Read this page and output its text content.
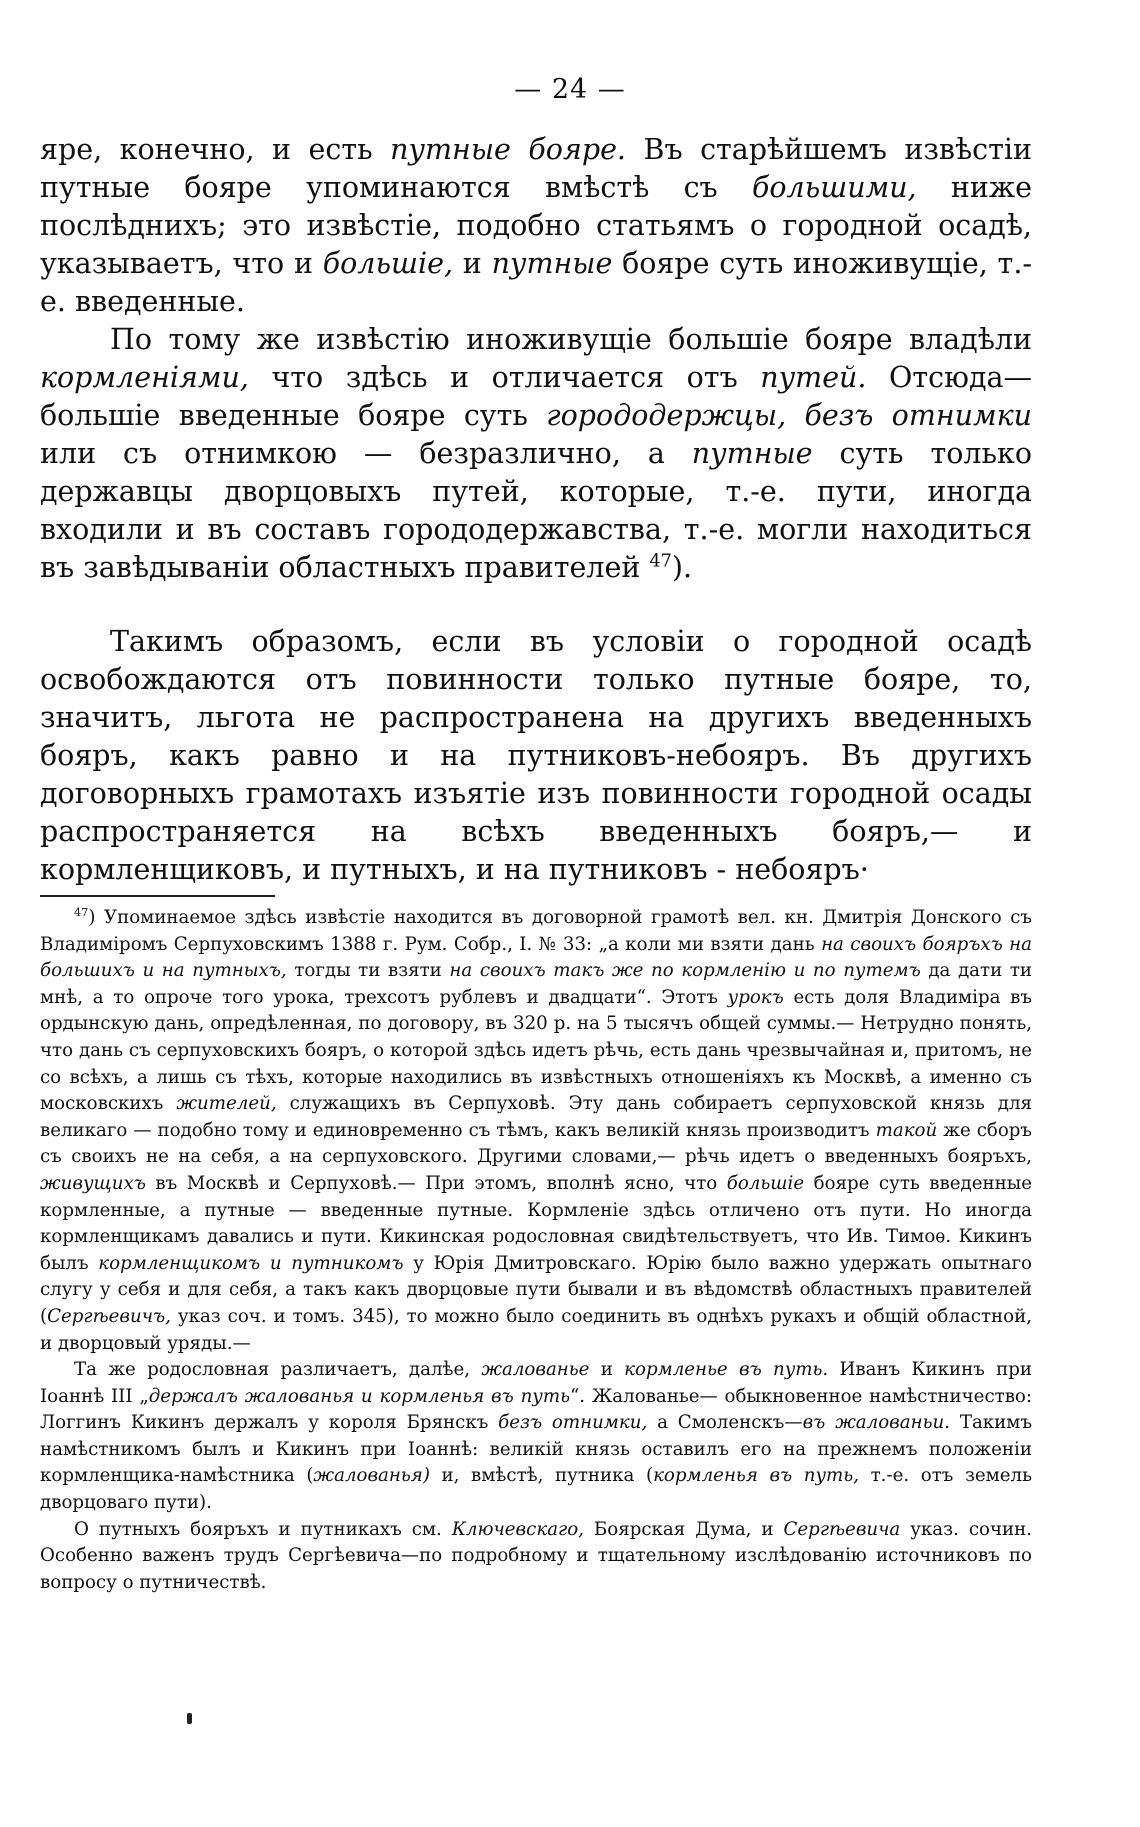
— 24 —

яре, конечно, и есть путные бояре. Въ старѣйшемъ извѣстіи путные бояре упоминаются вмѣстѣ съ большими, ниже послѣднихъ; это извѣстіе, подобно статьямъ о городной осадѣ, указываетъ, что и большіе, и путные бояре суть иноживущіе, т.-е. введенные.

По тому же извѣстію иноживущіе большіе бояре владѣли кормленіями, что здѣсь и отличается отъ путей. Отсюда—большіе введенные бояре суть горододержцы, безъ отнимки или съ отнимкою — безразлично, а путные суть только державцы дворцовыхъ путей, которые, т.-е. пути, иногда входили и въ составъ горододержавства, т.-е. могли находиться въ завѣдываніи областныхъ правителей $^{47}$).

Такимъ образомъ, если въ условіи о городной осадѣ освобождаются отъ повинности только путные бояре, то, значитъ, льгота не распространена на другихъ введенныхъ бояръ, какъ равно и на путниковъ-небояръ. Въ другихъ договорныхъ грамотахъ изъятіе изъ повинности городной осады распространяется на всѣхъ введенныхъ бояръ,— и кормленщиковъ, и путныхъ, и на путниковъ - небояръ·

$^{47}$) Упоминаемое здѣсь извѣстіе находится въ договорной грамотѣ вел. кн. Дмитрія Донского съ Владиміромъ Серпуховскимъ 1388 г. Рум. Собр., I. № 33: „а коли ми взяти дань на своихъ бояръхъ на большихъ и на путныхъ, тогды ти взяти на своихъ такъ же по кормленію и по путемъ да дати ти мнѣ, а то опроче того урока, трехсотъ рублевъ и двадцати“. Этотъ урокъ есть доля Владиміра въ ордынскую дань, опредѣленная, по договору, въ 320 р. на 5 тысячъ общей суммы.— Нетрудно понять, что дань съ серпуховскихъ бояръ, о которой здѣсь идетъ рѣчь, есть дань чрезвычайная и, притомъ, не со всѣхъ, а лишь съ тѣхъ, которые находились въ извѣстныхъ отношеніяхъ къ Москвѣ, а именно съ московскихъ жителей, служащихъ въ Серпуховѣ. Эту дань собираетъ серпуховской князь для великаго — подобно тому и единовременно съ тѣмъ, какъ великій князь производитъ такой же сборъ съ своихъ не на себя, а на серпуховского. Другими словами,— рѣчь идетъ о введенныхъ бояръхъ, живущихъ въ Москвѣ и Серпуховѣ.— При этомъ, вполнѣ ясно, что большіе бояре суть введенные кормленные, а путные — введенные путные. Кормленіе здѣсь отличено отъ пути. Но иногда кормленщикамъ давались и пути. Кикинская родословная свидѣтельствуетъ, что Ив. Тимоѳ. Кикинъ былъ кормленщикомъ и путникомъ у Юрія Дмитровскаго. Юрію было важно удержать опытнаго слугу у себя и для себя, а такъ какъ дворцовые пути бывали и въ вѣдомствѣ областныхъ правителей (Сергѣевичъ, указ соч. и томъ. 345), то можно было соединить въ однѣхъ рукахъ и общій областной, и дворцовый уряды.—

Та же родословная различаетъ, далѣе, жалованье и кормленье въ путь. Иванъ Кикинъ при Іоаннѣ III „держалъ жалованья и кормленья въ путь“. Жалованье— обыкновенное намѣстничество: Логгинъ Кикинъ держалъ у короля Брянскъ безъ отнимки, а Смоленскъ—въ жалованьи. Такимъ намѣстникомъ былъ и Кикинъ при Іоаннѣ: великій князь оставилъ его на прежнемъ положеніи кормленщика-намѣстника (жалованья) и, вмѣстѣ, путника (кормленья въ путь, т.-е. отъ земель дворцоваго пути).

О путныхъ бояръхъ и путникахъ см. Ключевскаго, Боярская Дума, и Сергѣевича указ. сочин. Особенно важенъ трудъ Сергѣевича—по подробному и тщательному изслѣдованію источниковъ по вопросу о путничествѣ.
